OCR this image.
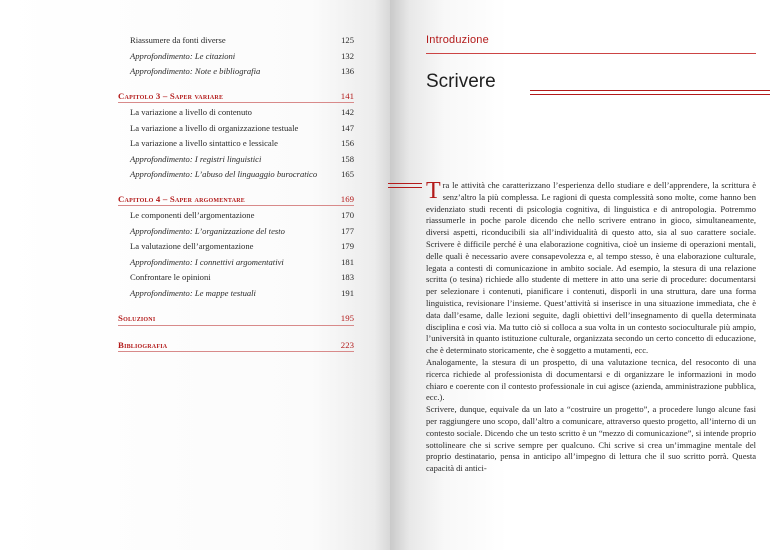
Riassumere da fonti diverse	125
Approfondimento: Le citazioni	132
Approfondimento: Note e bibliografia	136
Capitolo 3 – Saper variare	141
La variazione a livello di contenuto	142
La variazione a livello di organizzazione testuale	147
La variazione a livello sintattico e lessicale	156
Approfondimento: I registri linguistici	158
Approfondimento: L’abuso del linguaggio burocratico	165
Capitolo 4 – Saper argomentare	169
Le componenti dell’argomentazione	170
Approfondimento: L’organizzazione del testo	177
La valutazione dell’argomentazione	179
Approfondimento: I connettivi argomentativi	181
Confrontare le opinioni	183
Approfondimento: Le mappe testuali	191
Soluzioni	195
Bibliografia	223
Introduzione
Scrivere

Tra le attività che caratterizzano l’esperienza dello studiare e dell’apprendere, la scrittura è senz’altro la più complessa. Le ragioni di questa complessità sono molte, come hanno ben evidenziato studi recenti di psicologia cognitiva, di linguistica e di antropologia. Potremmo riassumerle in poche parole dicendo che nello scrivere entrano in gioco, simultaneamente, diversi aspetti, riconducibili sia all’individualità di questo atto, sia al suo carattere sociale. Scrivere è difficile perché è una elaborazione cognitiva, cioè un insieme di operazioni mentali, delle quali è necessario avere consapevolezza e, al tempo stesso, è una elaborazione culturale, legata a contesti di comunicazione in ambito sociale. Ad esempio, la stesura di una relazione scritta (o tesina) richiede allo studente di mettere in atto una serie di procedure: documentarsi per selezionare i contenuti, pianificare i contenuti, disporli in una struttura, dare una forma linguistica, revisionare l’insieme. Quest’attività si inserisce in una situazione immediata, che è data dall’esame, dalle lezioni seguite, dagli obiettivi dell’insegnamento di quella determinata disciplina e così via. Ma tutto ciò si colloca a sua volta in un contesto socioculturale più ampio, l’università in quanto istituzione culturale, organizzata secondo un certo concetto di educazione, che è determinato storicamente, che è soggetto a mutamenti, ecc.

Analogamente, la stesura di un prospetto, di una valutazione tecnica, del resoconto di una ricerca richiede al professionista di documentarsi e di organizzare le informazioni in modo chiaro e coerente con il contesto professionale in cui agisce (azienda, amministrazione pubblica, ecc.).

Scrivere, dunque, equivale da un lato a “costruire un progetto”, a procedere lungo alcune fasi per raggiungere uno scopo, dall’altro a comunicare, attraverso questo progetto, all’interno di un contesto sociale. Dicendo che un testo scritto è un “mezzo di comunicazione”, si intende proprio sottolineare che si scrive sempre per qualcuno. Chi scrive si crea un’immagine mentale del proprio destinatario, pensa in anticipo all’impegno di lettura che il suo scritto porrà. Questa capacità di antici-
